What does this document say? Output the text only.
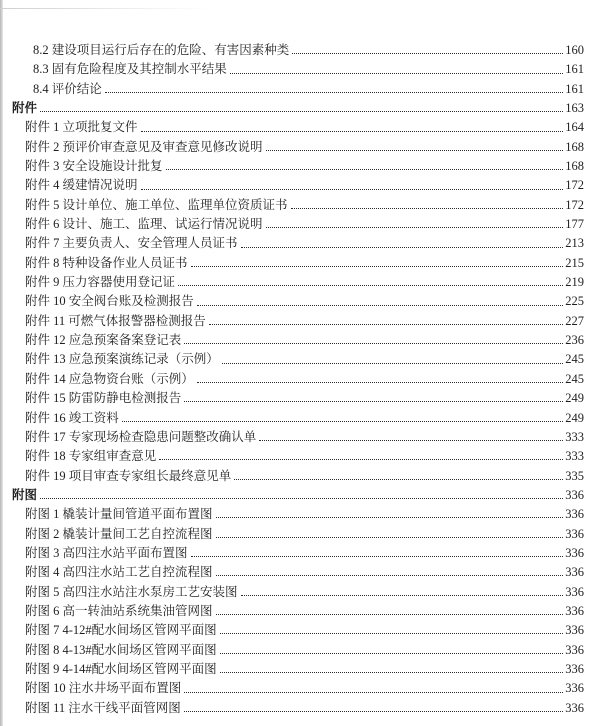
8.2 建设项目运行后存在的危险、有害因素种类	160
8.3 固有危险程度及其控制水平结果	161
8.4 评价结论	161
附件	163
附件 1 立项批复文件	164
附件 2 预评价审查意见及审查意见修改说明	168
附件 3 安全设施设计批复	168
附件 4 缓建情况说明	172
附件 5 设计单位、施工单位、监理单位资质证书	172
附件 6 设计、施工、监理、试运行情况说明	177
附件 7 主要负责人、安全管理人员证书	213
附件 8 特种设备作业人员证书	215
附件 9 压力容器使用登记证	219
附件 10 安全阀台账及检测报告	225
附件 11 可燃气体报警器检测报告	227
附件 12 应急预案备案登记表	236
附件 13 应急预案演练记录（示例）	245
附件 14 应急物资台账（示例）	245
附件 15 防雷防静电检测报告	249
附件 16 竣工资料	249
附件 17 专家现场检查隐患问题整改确认单	333
附件 18 专家组审查意见	333
附件 19 项目审查专家组长最终意见单	335
附图	336
附图 1 橇装计量间管道平面布置图	336
附图 2 橇装计量间工艺自控流程图	336
附图 3 高四注水站平面布置图	336
附图 4 高四注水站工艺自控流程图	336
附图 5 高四注水站注水泵房工艺安装图	336
附图 6 高一转油站系统集油管网图	336
附图 7 4-12#配水间场区管网平面图	336
附图 8 4-13#配水间场区管网平面图	336
附图 9 4-14#配水间场区管网平面图	336
附图 10 注水井场平面布置图	336
附图 11 注水干线平面管网图	336
